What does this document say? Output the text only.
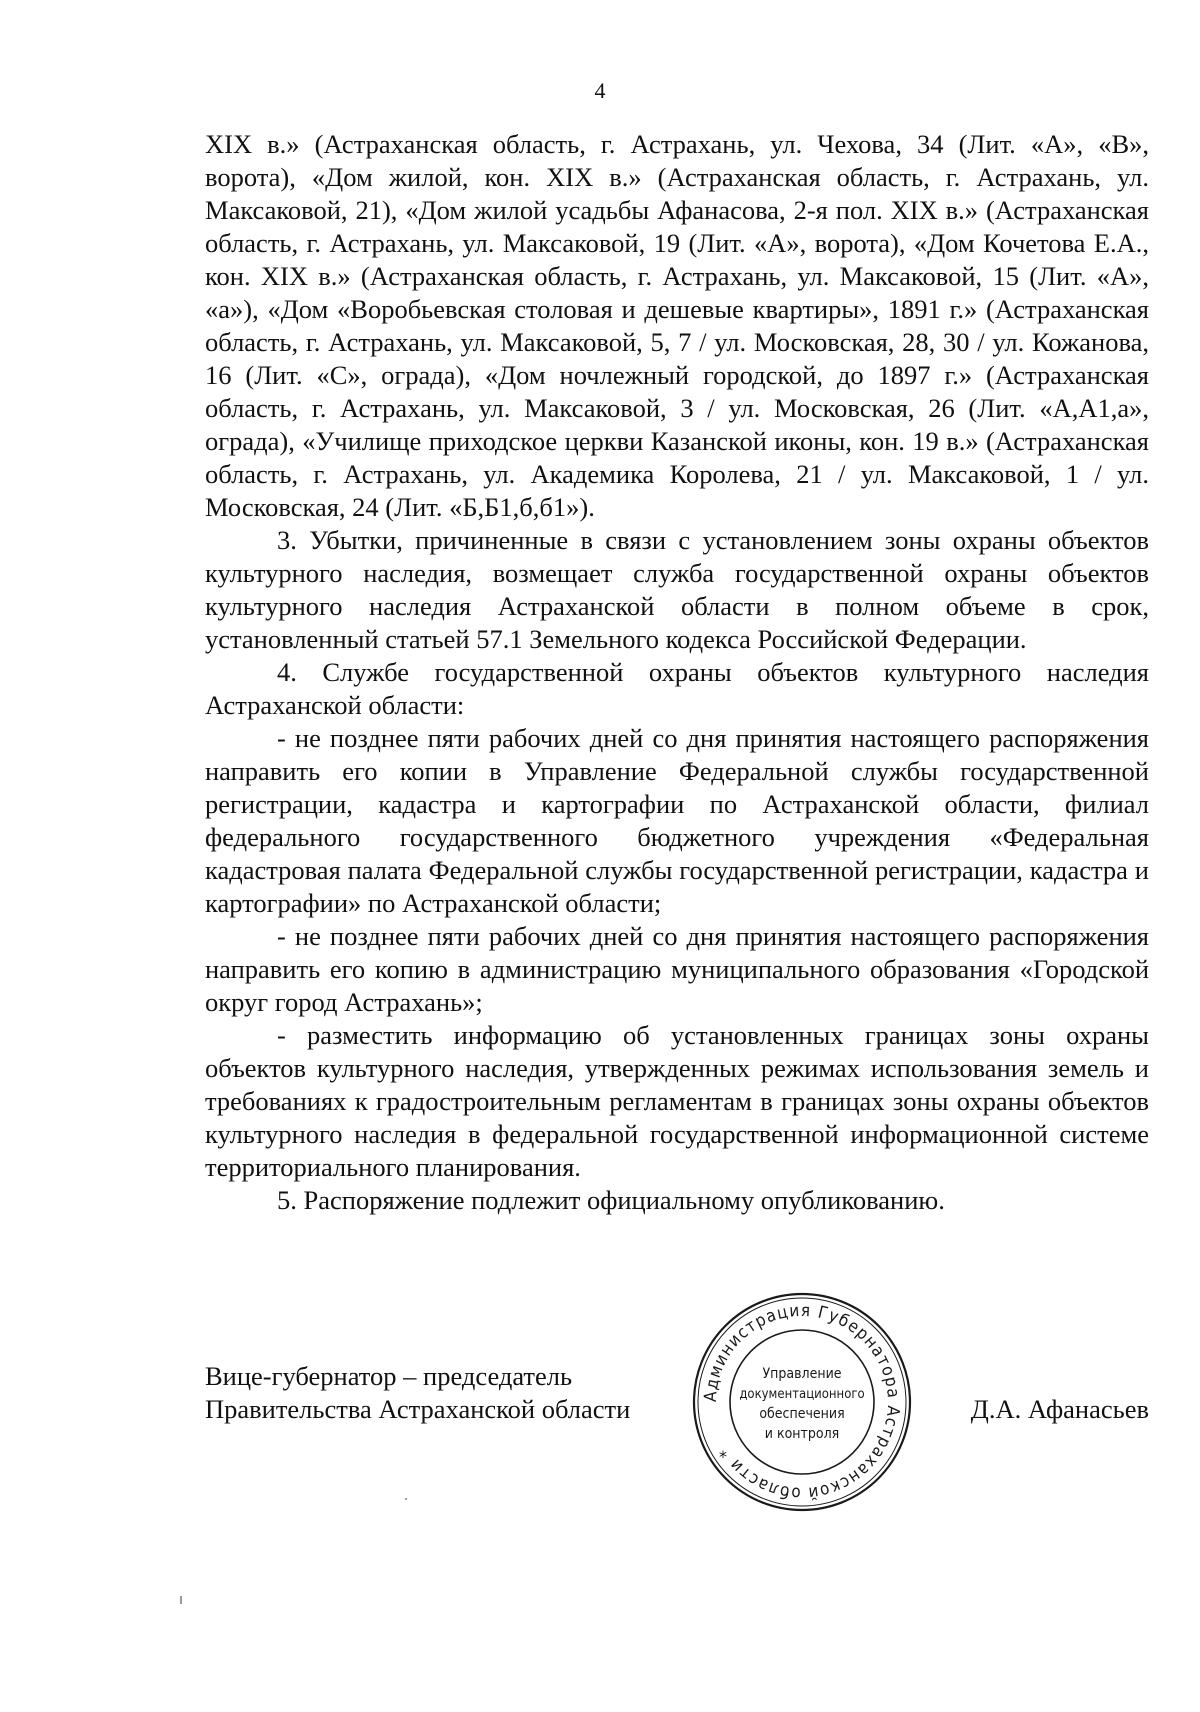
4

XIX в.» (Астраханская область, г. Астрахань, ул. Чехова, 34 (Лит. «А», «В», ворота), «Дом жилой, кон. XIX в.» (Астраханская область, г. Астрахань, ул. Максаковой, 21), «Дом жилой усадьбы Афанасова, 2-я пол. XIX в.» (Астраханская область, г. Астрахань, ул. Максаковой, 19 (Лит. «А», ворота), «Дом Кочетова Е.А., кон. XIX в.» (Астраханская область, г. Астрахань, ул. Максаковой, 15 (Лит. «А», «а»), «Дом «Воробьевская столовая и дешевые квартиры», 1891 г.» (Астраханская область, г. Астрахань, ул. Максаковой, 5, 7 / ул. Московская, 28, 30 / ул. Кожанова, 16 (Лит. «С», ограда), «Дом ночлежный городской, до 1897 г.» (Астраханская область, г. Астрахань, ул. Максаковой, 3 / ул. Московская, 26 (Лит. «А,А1,а», ограда), «Училище приходское церкви Казанской иконы, кон. 19 в.» (Астраханская область, г. Астрахань, ул. Академика Королева, 21 / ул. Максаковой, 1 / ул. Московская, 24 (Лит. «Б,Б1,б,б1»).

3. Убытки, причиненные в связи с установлением зоны охраны объектов культурного наследия, возмещает служба государственной охраны объектов культурного наследия Астраханской области в полном объеме в срок, установленный статьей 57.1 Земельного кодекса Российской Федерации.

4. Службе государственной охраны объектов культурного наследия Астраханской области:

- не позднее пяти рабочих дней со дня принятия настоящего распоряжения направить его копии в Управление Федеральной службы государственной регистрации, кадастра и картографии по Астраханской области, филиал федерального государственного бюджетного учреждения «Федеральная кадастровая палата Федеральной службы государственной регистрации, кадастра и картографии» по Астраханской области;

- не позднее пяти рабочих дней со дня принятия настоящего распоряжения направить его копию в администрацию муниципального образования «Городской округ город Астрахань»;

- разместить информацию об установленных границах зоны охраны объектов культурного наследия, утвержденных режимах использования земель и требованиях к градостроительным регламентам в границах зоны охраны объектов культурного наследия в федеральной государственной информационной системе территориального планирования.

5. Распоряжение подлежит официальному опубликованию.

Вице-губернатор – председатель
Правительства Астраханской области	Д.А. Афанасьев
Администрация Губернатора Астраханской области *
Управление
документационного
обеспечения
и контроля
